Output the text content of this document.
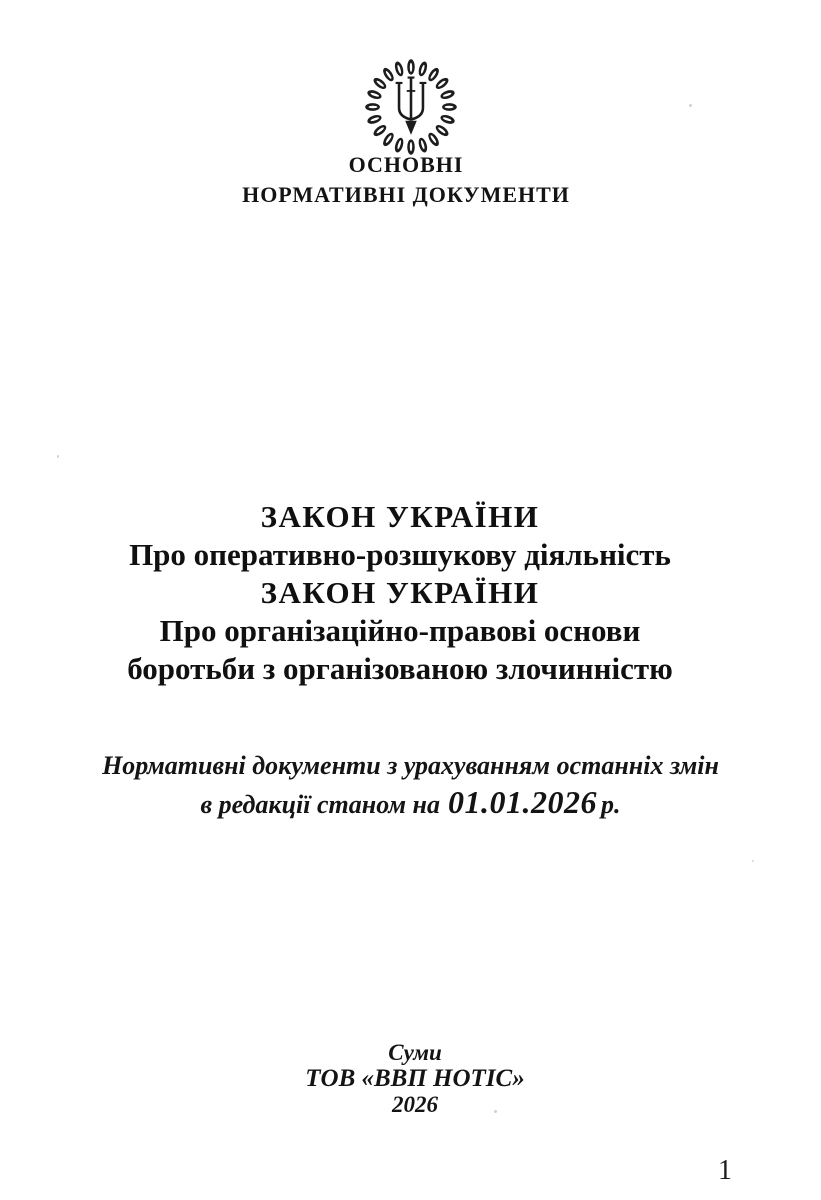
ОСНОВНІ
НОРМАТИВНІ ДОКУМЕНТИ
ЗАКОН УКРАЇНИ
Про оперативно-розшукову діяльність
ЗАКОН УКРАЇНИ
Про організаційно-правові основи
боротьби з організованою злочинністю
Нормативні документи з урахуванням останніх змін
в редакції станом на 01.01.2026 р.
Суми
ТОВ «ВВП НОТІС»
2026
1
